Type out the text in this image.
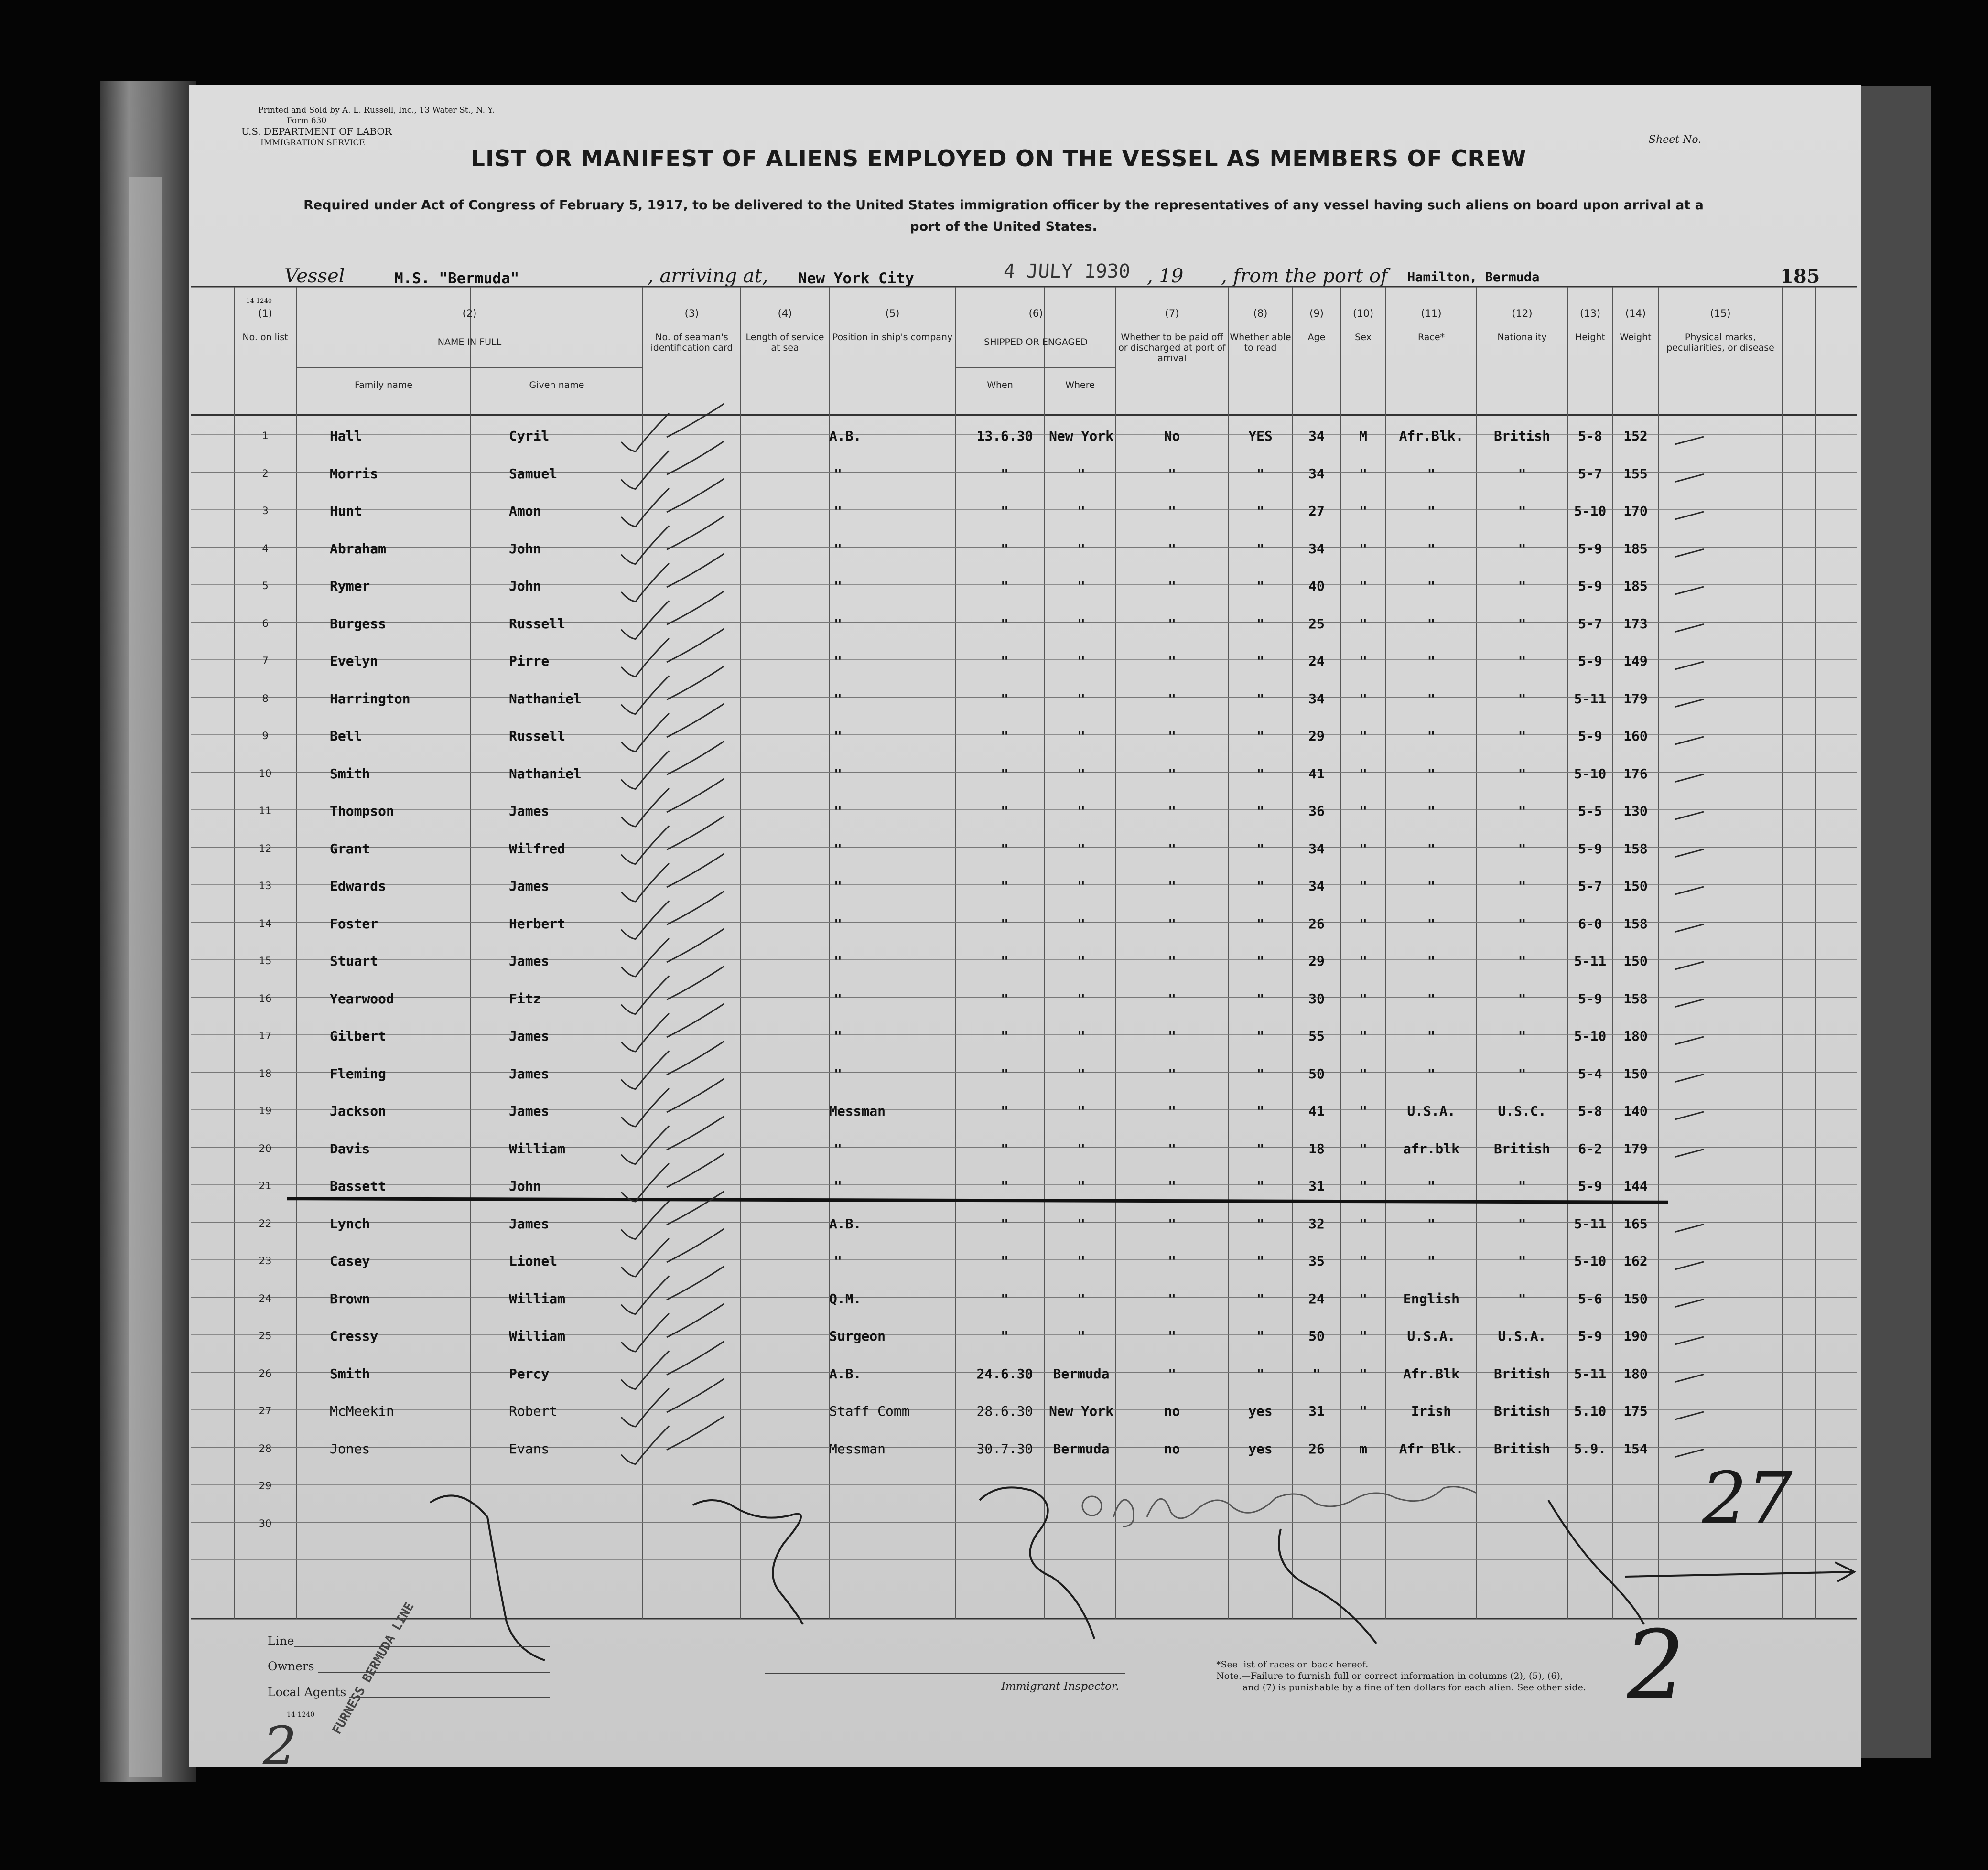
Printed and Sold by A. L. Russell, Inc., 13 Water St., N. Y.
Form 630
U.S. DEPARTMENT OF LABOR
IMMIGRATION SERVICE	Sheet No.
LIST OR MANIFEST OF ALIENS EMPLOYED ON THE VESSEL AS MEMBERS OF CREW
Required under Act of Congress of February 5, 1917, to be delivered to the United States immigration officer by the representatives of any vessel having such aliens on board upon arrival at a
port of the United States.
Vessel	M.S. "Bermuda"	, arriving at, New York City	4 JULY 1930 , 19 , from the port of Hamilton, Bermuda	185
14-1240
(1)
No. on list
(3)
No. of seaman's identification card
(4)
Length of service at sea
(5)
Position in ship's company
(7)
Whether to be paid off or discharged at port of arrival
(8)
Whether able to read
(9)
Age
(10)
Sex
(11)
Race*
(12)
Nationality
(13)
Height
(14)
Weight
(15)
Physical marks, peculiarities, or disease
(2)
NAME IN FULL
Family name	Given name
(6)
SHIPPED OR ENGAGED
When	Where
1	Hall	Cyril	A.B.	13.6.30	New York	No	YES	34	M	Afr.Blk.	British	5-8	152
2	Morris	Samuel	"	"	"	"	"	34	"	"	"	5-7	155
3	Hunt	Amon	"	"	"	"	"	27	"	"	"	5-10	170
4	Abraham	John	"	"	"	"	"	34	"	"	"	5-9	185
5	Rymer	John	"	"	"	"	"	40	"	"	"	5-9	185
6	Burgess	Russell	"	"	"	"	"	25	"	"	"	5-7	173
7	Evelyn	Pirre	"	"	"	"	"	24	"	"	"	5-9	149
8	Harrington	Nathaniel	"	"	"	"	"	34	"	"	"	5-11	179
9	Bell	Russell	"	"	"	"	"	29	"	"	"	5-9	160
10	Smith	Nathaniel	"	"	"	"	"	41	"	"	"	5-10	176
11	Thompson	James	"	"	"	"	"	36	"	"	"	5-5	130
12	Grant	Wilfred	"	"	"	"	"	34	"	"	"	5-9	158
13	Edwards	James	"	"	"	"	"	34	"	"	"	5-7	150
14	Foster	Herbert	"	"	"	"	"	26	"	"	"	6-0	158
15	Stuart	James	"	"	"	"	"	29	"	"	"	5-11	150
16	Yearwood	Fitz	"	"	"	"	"	30	"	"	"	5-9	158
17	Gilbert	James	"	"	"	"	"	55	"	"	"	5-10	180
18	Fleming	James	"	"	"	"	"	50	"	"	"	5-4	150
19	Jackson	James	Messman	"	"	"	"	41	"	U.S.A.	U.S.C.	5-8	140
20	Davis	William	"	"	"	"	"	18	"	afr.blk	British	6-2	179
21	Bassett	John	"	"	"	"	"	31	"	"	"	5-9	144
22	Lynch	James	A.B.	"	"	"	"	32	"	"	"	5-11	165
23	Casey	Lionel	"	"	"	"	"	35	"	"	"	5-10	162
24	Brown	William	Q.M.	"	"	"	"	24	"	English	"	5-6	150
25	Cressy	William	Surgeon	"	"	"	"	50	"	U.S.A.	U.S.A.	5-9	190
26	Smith	Percy	A.B.	24.6.30	Bermuda	"	"	"	"	Afr.Blk	British	5-11	180
27	McMeekin	Robert	Staff Comm	28.6.30	New York	no	yes	31	"	Irish	British	5.10	175
28	Jones	Evans	Messman	30.7.30	Bermuda	no	yes	26	m	Afr Blk.	British	5.9.	154
29
30	27
2
2
Line
Owners
Local Agents
FURNESS BERMUDA LINE	Immigrant Inspector.
*See list of races on back hereof.
Note.—Failure to furnish full or correct information in columns (2), (5), (6),
and (7) is punishable by a fine of ten dollars for each alien. See other side.
14-1240
